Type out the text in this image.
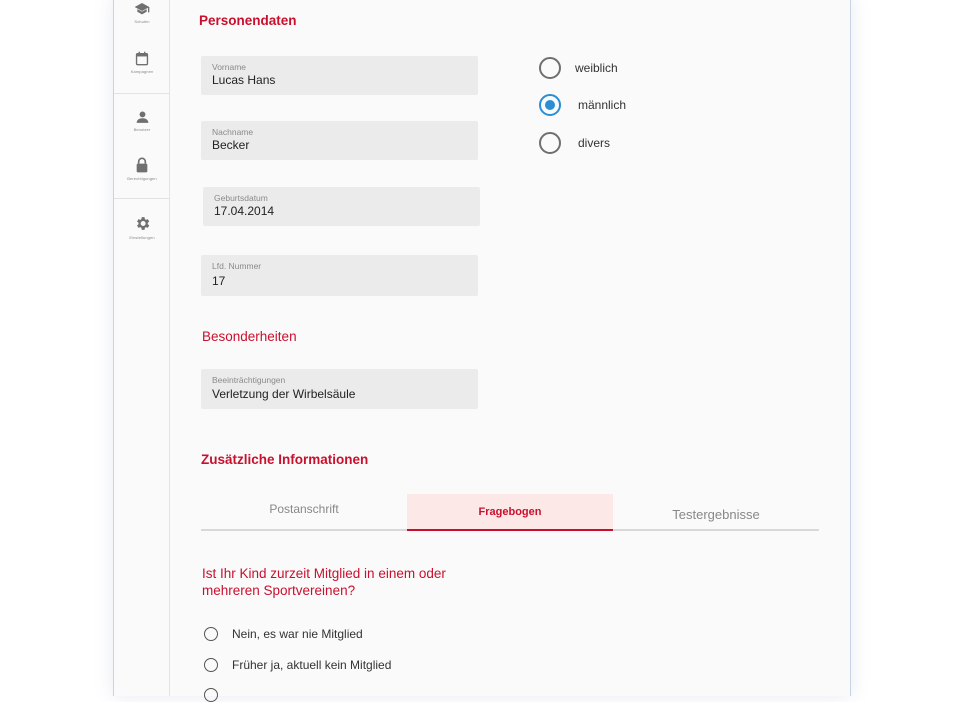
Schulen
Kampagnen
Benutzer
Berechtigungen
Einstellungen
Personendaten
Vorname
Lucas Hans
Nachname
Becker
Geburtsdatum
17.04.2014
Lfd. Nummer
17
weiblich
männlich
divers
Besonderheiten
Beeinträchtigungen
Verletzung der Wirbelsäule
Zusätzliche Informationen
Postanschrift	Fragebogen	Testergebnisse
Ist Ihr Kind zurzeit Mitglied in einem oder mehreren Sportvereinen?
Nein, es war nie Mitglied
Früher ja, aktuell kein Mitglied
